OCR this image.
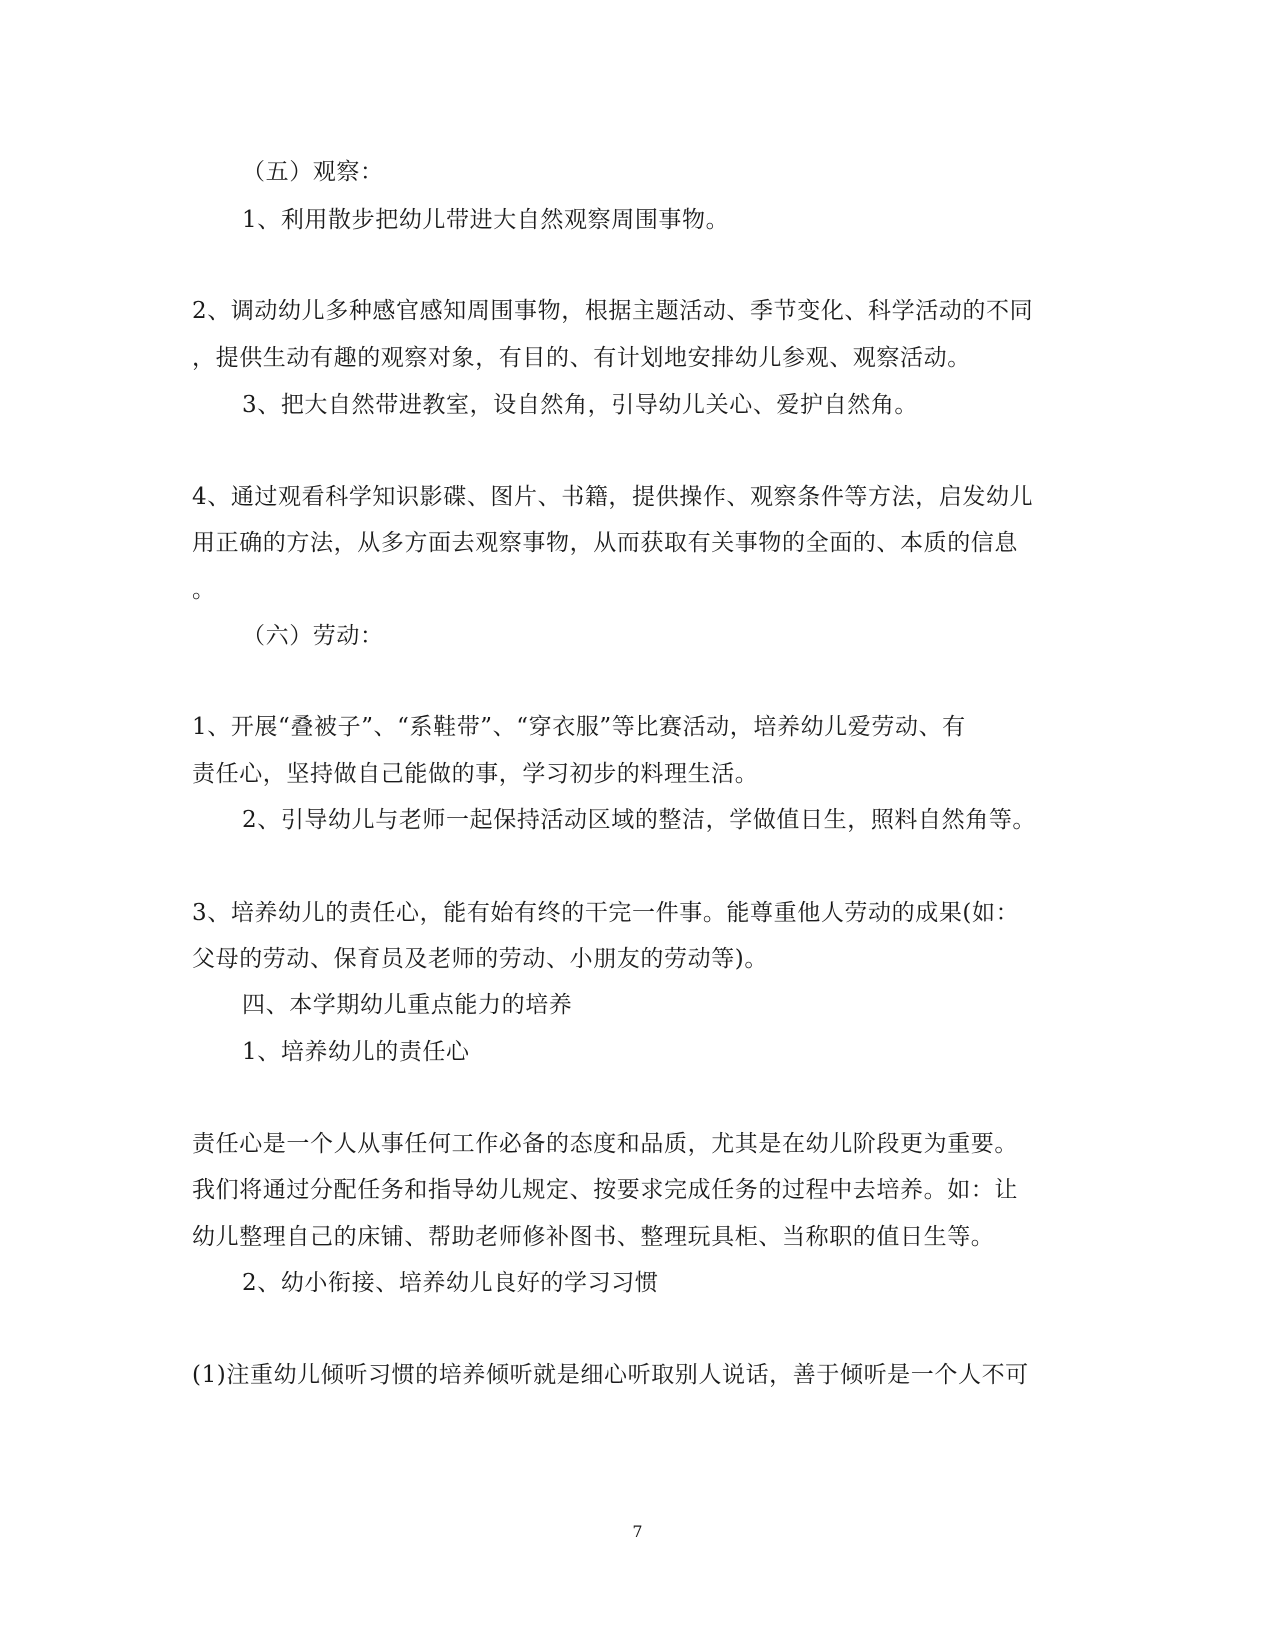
（五）观察：
1、利用散步把幼儿带进大自然观察周围事物。
2、调动幼儿多种感官感知周围事物，根据主题活动、季节变化、科学活动的不同
，提供生动有趣的观察对象，有目的、有计划地安排幼儿参观、观察活动。
3、把大自然带进教室，设自然角，引导幼儿关心、爱护自然角。
4、通过观看科学知识影碟、图片、书籍，提供操作、观察条件等方法，启发幼儿
用正确的方法，从多方面去观察事物，从而获取有关事物的全面的、本质的信息
。
（六）劳动：
1、开展“叠被子”、“系鞋带”、“穿衣服”等比赛活动，培养幼儿爱劳动、有
责任心，坚持做自己能做的事，学习初步的料理生活。
2、引导幼儿与老师一起保持活动区域的整洁，学做值日生，照料自然角等。
3、培养幼儿的责任心，能有始有终的干完一件事。能尊重他人劳动的成果(如：
父母的劳动、保育员及老师的劳动、小朋友的劳动等)。
四、本学期幼儿重点能力的培养
1、培养幼儿的责任心
责任心是一个人从事任何工作必备的态度和品质，尤其是在幼儿阶段更为重要。
我们将通过分配任务和指导幼儿规定、按要求完成任务的过程中去培养。如：让
幼儿整理自己的床铺、帮助老师修补图书、整理玩具柜、当称职的值日生等。
2、幼小衔接、培养幼儿良好的学习习惯
(1)注重幼儿倾听习惯的培养倾听就是细心听取别人说话，善于倾听是一个人不可
7
